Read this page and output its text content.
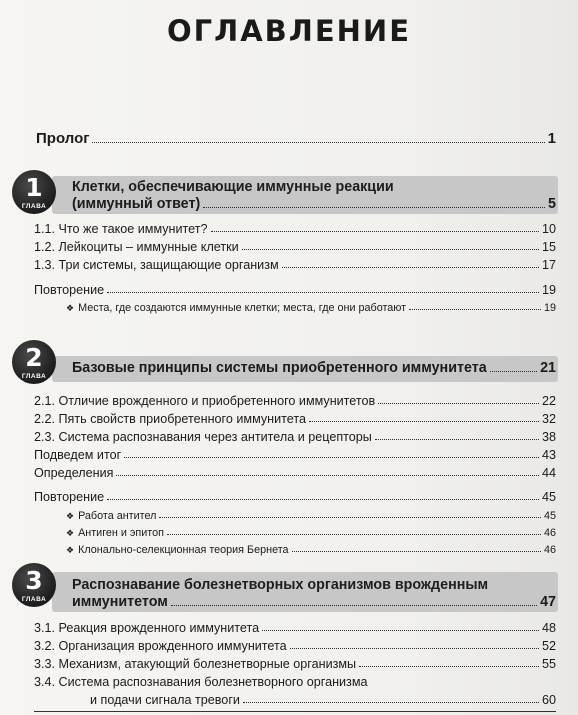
ОГЛАВЛЕНИЕ
Пролог	1
1
ГЛАВА
Клетки, обеспечивающие иммунные реакции
(иммунный ответ)	5
1.1. Что же такое иммунитет?	10
1.2. Лейкоциты – иммунные клетки	15
1.3. Три системы, защищающие организм	17
Повторение	19
❖ Места, где создаются иммунные клетки; места, где они работают	19
2
ГЛАВА
Базовые принципы системы приобретенного иммунитета	21
2.1. Отличие врожденного и приобретенного иммунитетов	22
2.2. Пять свойств приобретенного иммунитета	32
2.3. Система распознавания через антитела и рецепторы	38
Подведем итог	43
Определения	44
Повторение	45
❖ Работа антител	45
❖ Антиген и эпитоп	46
❖ Клонально-селекционная теория Бернета	46
3
ГЛАВА
Распознавание болезнетворных организмов врожденным
иммунитетом	47
3.1. Реакция врожденного иммунитета	48
3.2. Организация врожденного иммунитета	52
3.3. Механизм, атакующий болезнетворные организмы	55
3.4. Система распознавания болезнетворного организма
и подачи сигнала тревоги	60
